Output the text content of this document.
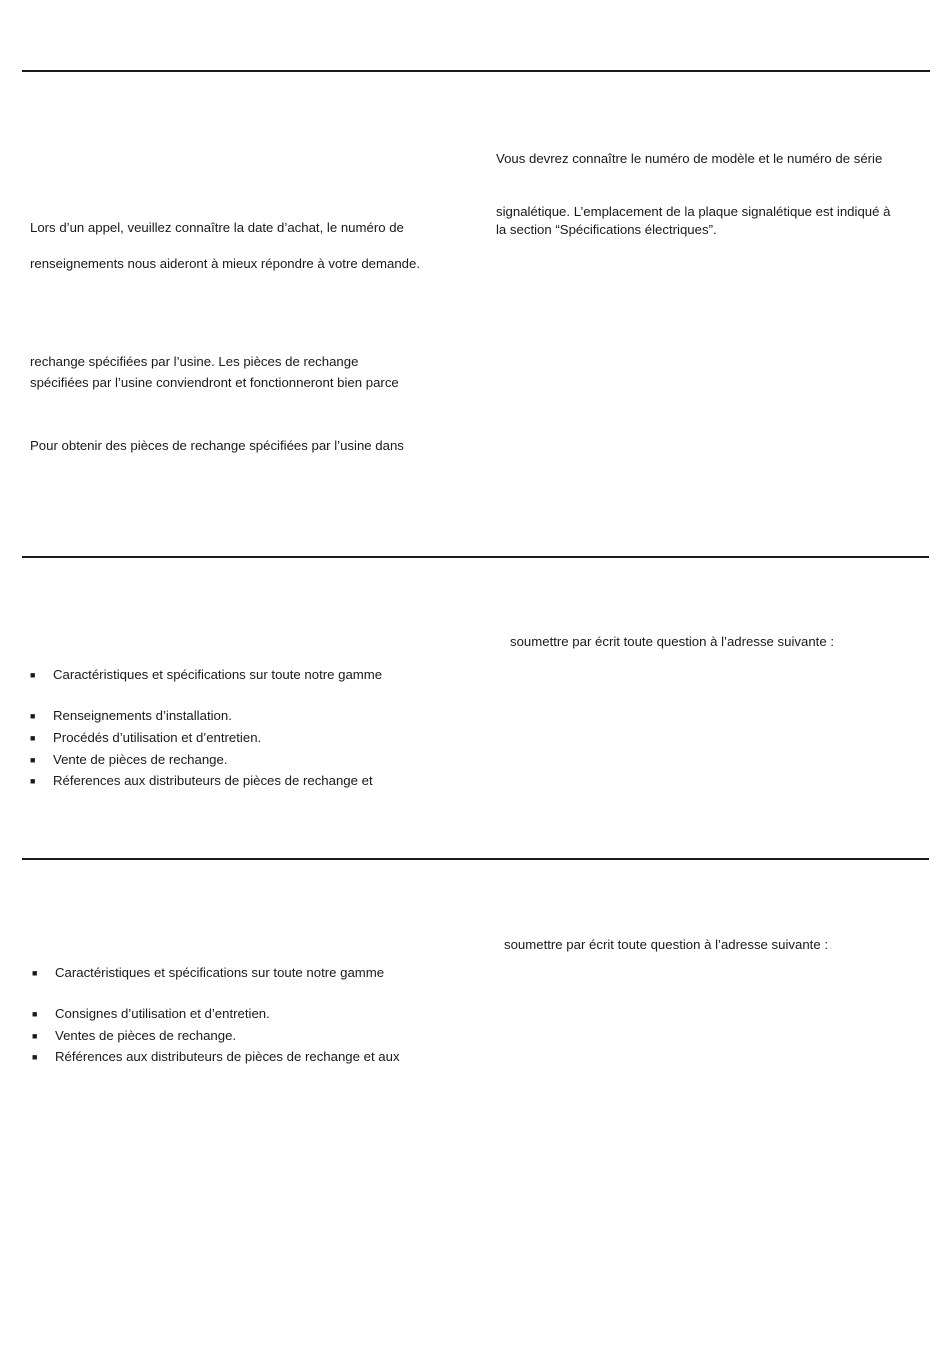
Lors d’un appel, veuillez connaître la date d’achat, le numéro de
renseignements nous aideront à mieux répondre à votre demande.
rechange spécifiées par l’usine. Les pièces de rechange
spécifiées par l’usine conviendront et fonctionneront bien parce
Pour obtenir des pièces de rechange spécifiées par l’usine dans
Vous devrez connaître le numéro de modèle et le numéro de série
signalétique. L’emplacement de la plaque signalétique est indiqué à
la section “Spécifications électriques”.
■ Caractéristiques et spécifications sur toute notre gamme
■ Renseignements d’installation.
■ Procédés d’utilisation et d’entretien.
■ Vente de pièces de rechange.
■ Réferences aux distributeurs de pièces de rechange et
soumettre par écrit toute question à l’adresse suivante :
■ Caractéristiques et spécifications sur toute notre gamme
■ Consignes d’utilisation et d’entretien.
■ Ventes de pièces de rechange.
■ Références aux distributeurs de pièces de rechange et aux
soumettre par écrit toute question à l’adresse suivante :
